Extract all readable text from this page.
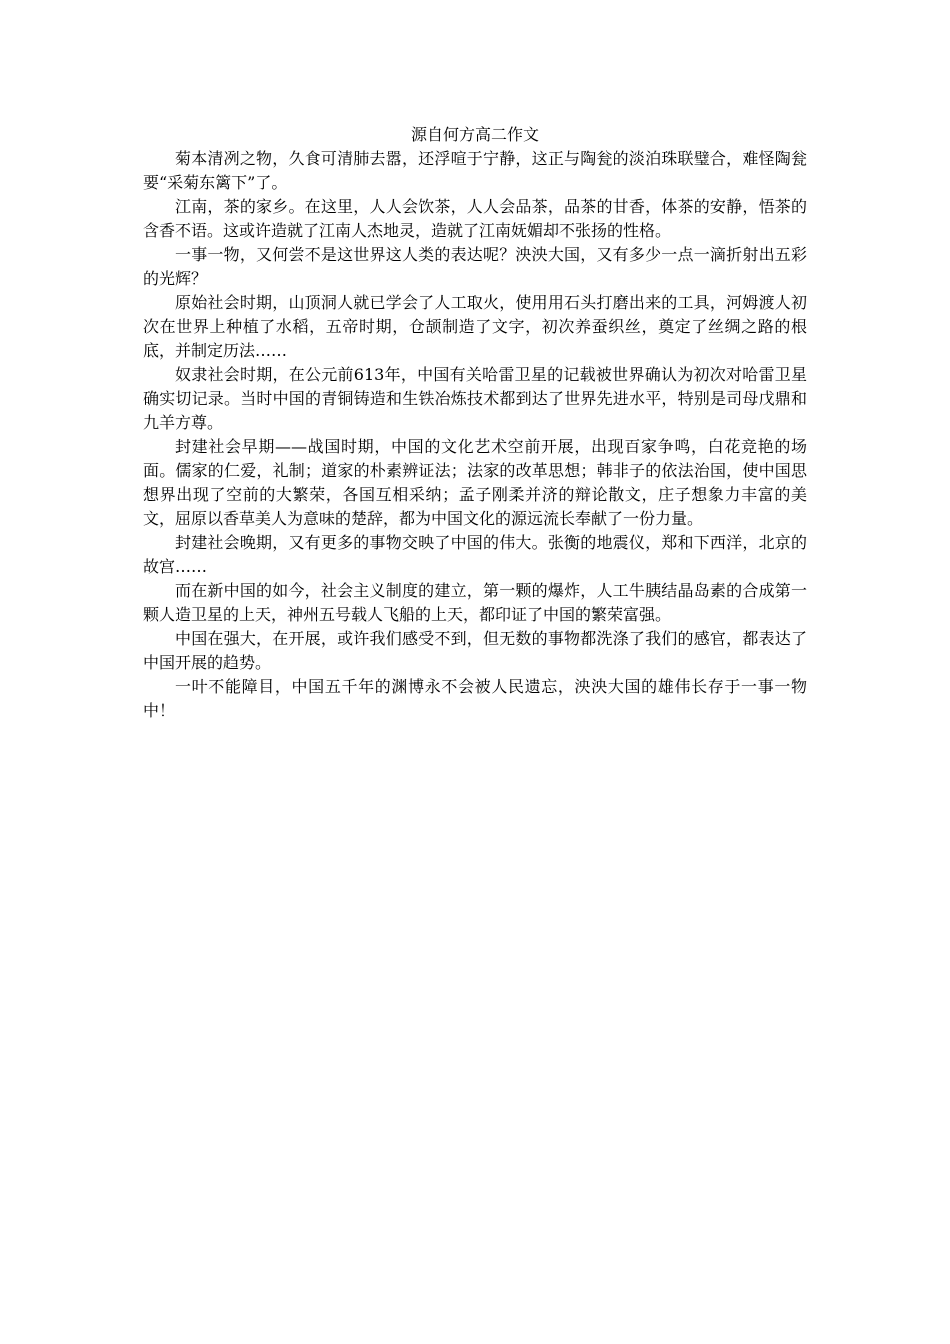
源自何方高二作文

菊本清冽之物，久食可清肺去嚣，还浮喧于宁静，这正与陶瓮的淡泊珠联璧合，难怪陶瓮要“采菊东篱下”了。

江南，茶的家乡。在这里，人人会饮茶，人人会品茶，品茶的甘香，体茶的安静，悟茶的含香不语。这或许造就了江南人杰地灵，造就了江南妩媚却不张扬的性格。

一事一物，又何尝不是这世界这人类的表达呢？泱泱大国，又有多少一点一滴折射出五彩的光辉？

原始社会时期，山顶洞人就已学会了人工取火，使用用石头打磨出来的工具，河姆渡人初次在世界上种植了水稻，五帝时期，仓颉制造了文字，初次养蚕织丝，奠定了丝绸之路的根底，并制定历法……

奴隶社会时期，在公元前613年，中国有关哈雷卫星的记载被世界确认为初次对哈雷卫星确实切记录。当时中国的青铜铸造和生铁冶炼技术都到达了世界先进水平，特别是司母戊鼎和九羊方尊。

封建社会早期——战国时期，中国的文化艺术空前开展，出现百家争鸣，白花竞艳的场面。儒家的仁爱，礼制；道家的朴素辨证法；法家的改革思想；韩非子的依法治国，使中国思想界出现了空前的大繁荣，各国互相采纳；孟子刚柔并济的辩论散文，庄子想象力丰富的美文，屈原以香草美人为意味的楚辞，都为中国文化的源远流长奉献了一份力量。

封建社会晚期，又有更多的事物交映了中国的伟大。张衡的地震仪，郑和下西洋，北京的故宫……

而在新中国的如今，社会主义制度的建立，第一颗的爆炸，人工牛胰结晶岛素的合成第一颗人造卫星的上天，神州五号载人飞船的上天，都印证了中国的繁荣富强。

中国在强大，在开展，或许我们感受不到，但无数的事物都洗涤了我们的感官，都表达了中国开展的趋势。

一叶不能障目，中国五千年的渊博永不会被人民遗忘，泱泱大国的雄伟长存于一事一物中！
